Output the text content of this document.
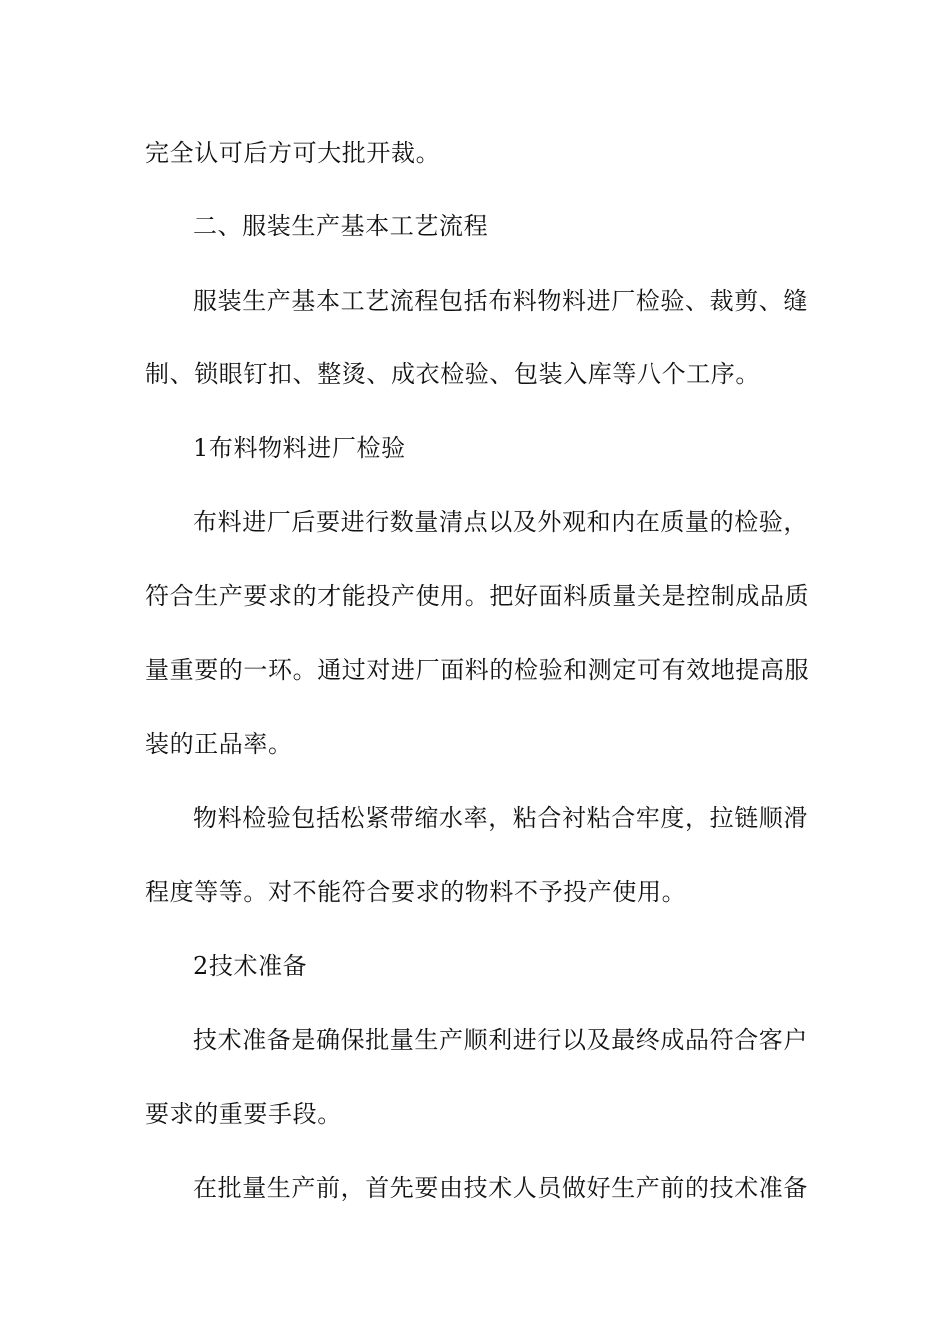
完全认可后方可大批开裁。

二、服装生产基本工艺流程

服装生产基本工艺流程包括布料物料进厂检验、裁剪、缝

制、锁眼钉扣、整烫、成衣检验、包装入库等八个工序。

1布料物料进厂检验

布料进厂后要进行数量清点以及外观和内在质量的检验，

符合生产要求的才能投产使用。把好面料质量关是控制成品质

量重要的一环。通过对进厂面料的检验和测定可有效地提高服

装的正品率。

物料检验包括松紧带缩水率，粘合衬粘合牢度，拉链顺滑

程度等等。对不能符合要求的物料不予投产使用。

2技术准备

技术准备是确保批量生产顺利进行以及最终成品符合客户

要求的重要手段。

在批量生产前，首先要由技术人员做好生产前的技术准备
